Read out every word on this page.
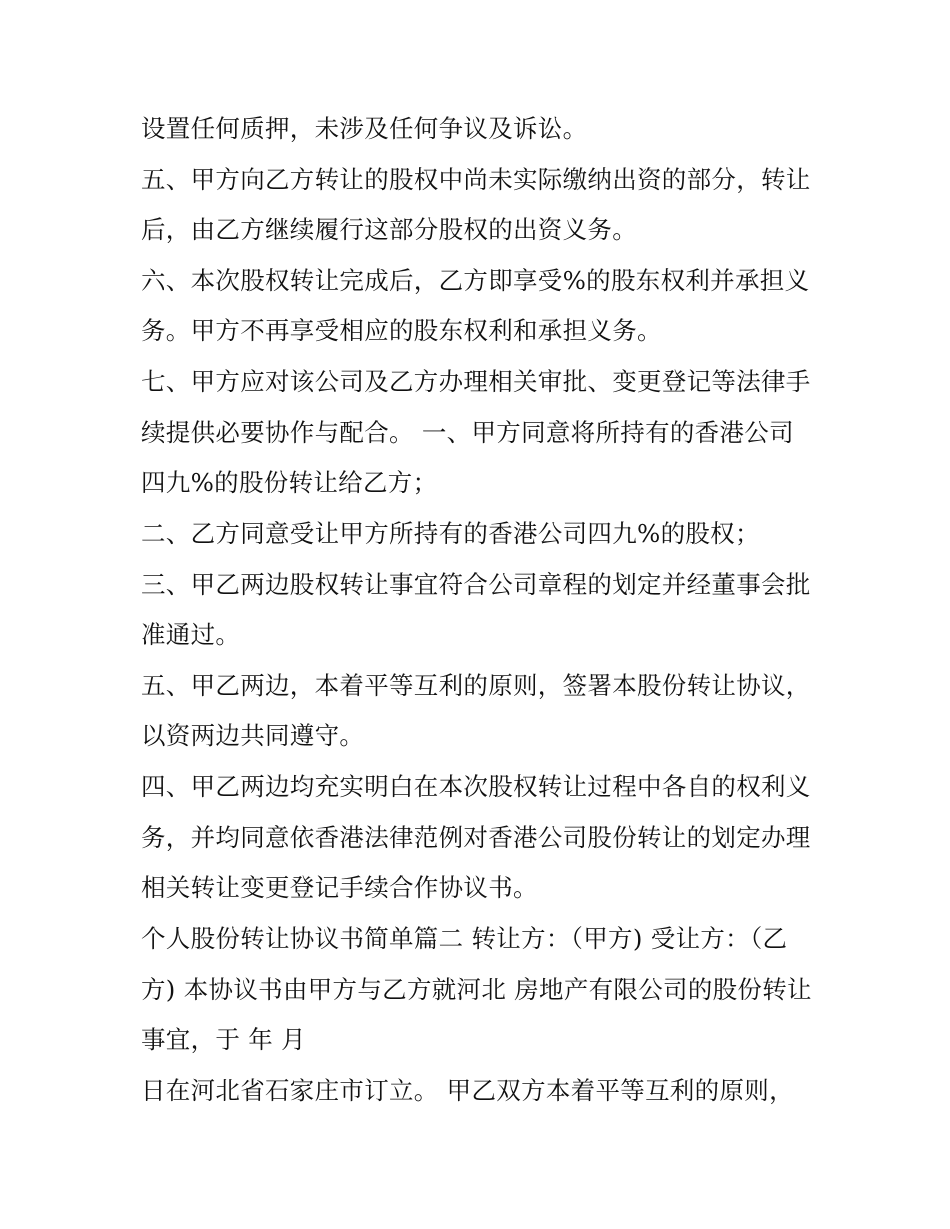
设置任何质押，未涉及任何争议及诉讼。
五、甲方向乙方转让的股权中尚未实际缴纳出资的部分，转让
后，由乙方继续履行这部分股权的出资义务。
六、本次股权转让完成后，乙方即享受%的股东权利并承担义
务。甲方不再享受相应的股东权利和承担义务。
七、甲方应对该公司及乙方办理相关审批、变更登记等法律手
续提供必要协作与配合。 一、甲方同意将所持有的香港公司
四九%的股份转让给乙方；
二、乙方同意受让甲方所持有的香港公司四九%的股权；
三、甲乙两边股权转让事宜符合公司章程的划定并经董事会批
准通过。
五、甲乙两边，本着平等互利的原则，签署本股份转让协议，
以资两边共同遵守。
四、甲乙两边均充实明白在本次股权转让过程中各自的权利义
务，并均同意依香港法律范例对香港公司股份转让的划定办理
相关转让变更登记手续合作协议书。
个人股份转让协议书简单篇二 转让方：（甲方) 受让方：（乙
方) 本协议书由甲方与乙方就河北 房地产有限公司的股份转让
事宜，于 年 月
日在河北省石家庄市订立。 甲乙双方本着平等互利的原则，
